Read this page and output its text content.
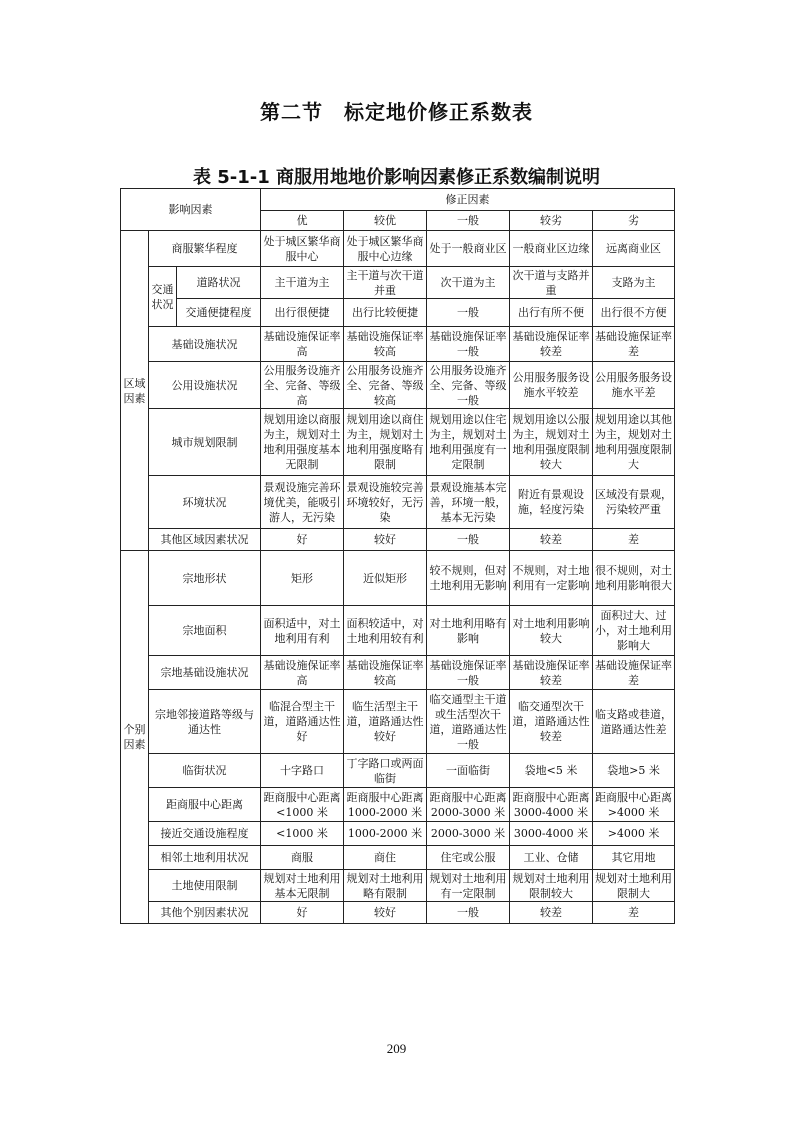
第二节　标定地价修正系数表
表 5-1-1 商服用地地价影响因素修正系数编制说明
影响因素			修正因素				
			优	较优	一般	较劣	劣
区域因素	商服繁华程度		处于城区繁华商服中心	处于城区繁华商服中心边缘	处于一般商业区	一般商业区边缘	远离商业区
	交通状况	道路状况	主干道为主	主干道与次干道并重	次干道为主	次干道与支路并重	支路为主
		交通便捷程度	出行很便捷	出行比较便捷	一般	出行有所不便	出行很不方便
	基础设施状况		基础设施保证率高	基础设施保证率较高	基础设施保证率一般	基础设施保证率较差	基础设施保证率差
	公用设施状况		公用服务设施齐全、完备、等级高	公用服务设施齐全、完备、等级较高	公用服务设施齐全、完备、等级一般	公用服务服务设施水平较差	公用服务服务设施水平差
	城市规划限制		规划用途以商服为主，规划对土地利用强度基本无限制	规划用途以商住为主，规划对土地利用强度略有限制	规划用途以住宅为主，规划对土地利用强度有一定限制	规划用途以公服为主，规划对土地利用强度限制较大	规划用途以其他为主，规划对土地利用强度限制大
	环境状况		景观设施完善环境优美，能吸引游人，无污染	景观设施较完善环境较好，无污染	景观设施基本完善，环境一般，基本无污染	附近有景观设施，轻度污染	区域没有景观，污染较严重
	其他区域因素状况		好	较好	一般	较差	差
个别因素	宗地形状		矩形	近似矩形	较不规则，但对土地利用无影响	不规则，对土地利用有一定影响	很不规则，对土地利用影响很大
	宗地面积		面积适中，对土地利用有利	面积较适中，对土地利用较有利	对土地利用略有影响	对土地利用影响较大	面积过大、过小，对土地利用影响大
	宗地基础设施状况		基础设施保证率高	基础设施保证率较高	基础设施保证率一般	基础设施保证率较差	基础设施保证率差
	宗地邻接道路等级与通达性		临混合型主干道，道路通达性好	临生活型主干道，道路通达性较好	临交通型主干道或生活型次干道，道路通达性一般	临交通型次干道，道路通达性较差	临支路或巷道，道路通达性差
	临街状况		十字路口	丁字路口或两面临街	一面临街	袋地<5 米	袋地>5 米
	距商服中心距离		距商服中心距离<1000 米	距商服中心距离 1000-2000 米	距商服中心距离 2000-3000 米	距商服中心距离 3000-4000 米	距商服中心距离>4000 米
	接近交通设施程度		<1000 米	1000-2000 米	2000-3000 米	3000-4000 米	>4000 米
	相邻土地利用状况		商服	商住	住宅或公服	工业、仓储	其它用地
	土地使用限制		规划对土地利用基本无限制	规划对土地利用略有限制	规划对土地利用有一定限制	规划对土地利用限制较大	规划对土地利用限制大
	其他个别因素状况		好	较好	一般	较差	差
209
